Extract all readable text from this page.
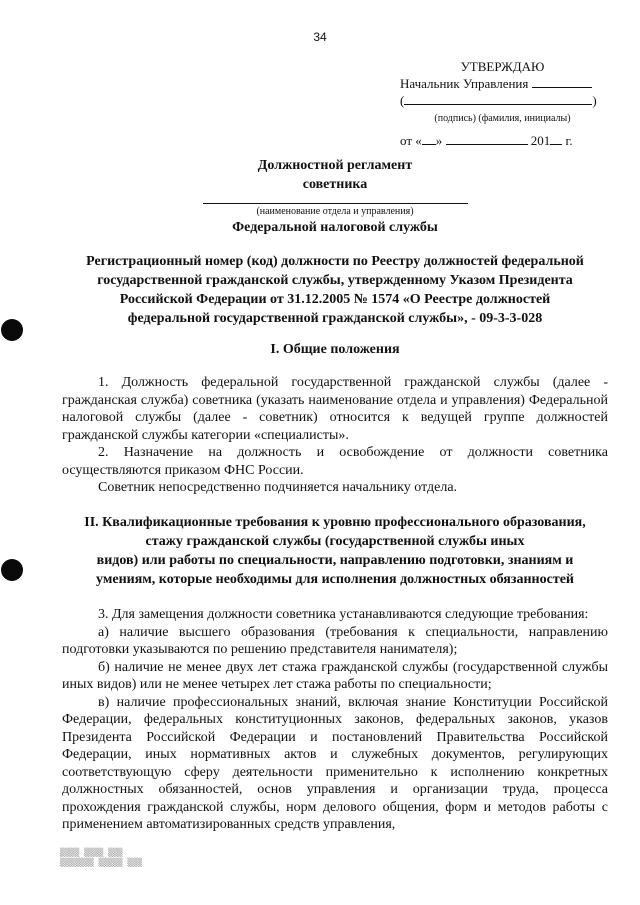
34
УТВЕРЖДАЮ
Начальник Управления
(	)
(подпись) (фамилия, инициалы)
от « »	201 г.
Должностной регламент
советника
(наименование отдела и управления)
Федеральной налоговой службы
Регистрационный номер (код) должности по Реестру должностей федеральной
государственной гражданской службы, утвержденному Указом Президента
Российской Федерации от 31.12.2005 № 1574 «О Реестре должностей
федеральной государственной гражданской службы», - 09-3-3-028
I. Общие положения

1. Должность федеральной государственной гражданской службы (далее - гражданская служба) советника (указать наименование отдела и управления) Федеральной налоговой службы (далее - советник) относится к ведущей группе должностей гражданской службы категории «специалисты».

2. Назначение на должность и освобождение от должности советника осуществляются приказом ФНС России.

Советник непосредственно подчиняется начальнику отдела.

II. Квалификационные требования к уровню профессионального образования,
стажу гражданской службы (государственной службы иных
видов) или работы по специальности, направлению подготовки, знаниям и
умениям, которые необходимы для исполнения должностных обязанностей

3. Для замещения должности советника устанавливаются следующие требования:

а) наличие высшего образования (требования к специальности, направлению подготовки указываются по решению представителя нанимателя);

б) наличие не менее двух лет стажа гражданской службы (государственной службы иных видов) или не менее четырех лет стажа работы по специальности;

в) наличие профессиональных знаний, включая знание Конституции Российской Федерации, федеральных конституционных законов, федеральных законов, указов Президента Российской Федерации и постановлений Правительства Российской Федерации, иных нормативных актов и служебных документов, регулирующих соответствующую сферу деятельности применительно к исполнению конкретных должностных обязанностей, основ управления и организации труда, процесса прохождения гражданской службы, норм делового общения, форм и методов работы с применением автоматизированных средств управления,

▒▒▒▒ ▒▒▒▒ ▒▒▒
▒▒▒▒▒▒▒ ▒▒▒▒▒ ▒▒▒
